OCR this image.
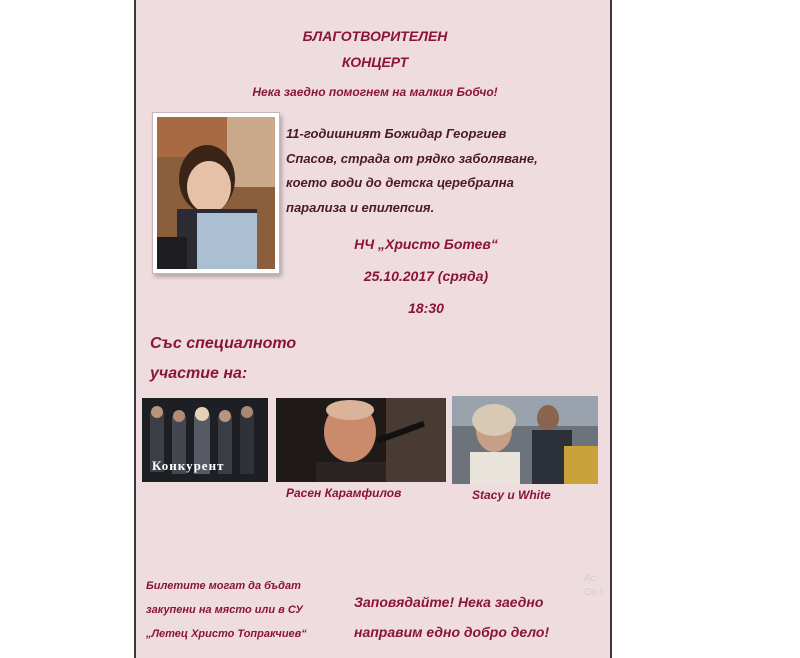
БЛАГОТВОРИТЕЛЕН
КОНЦЕРТ
Нека заедно помогнем на малкия Бобчо!
11-годишният Божидар Георгиев
Спасов, страда от рядко заболяване,
което води до детска церебрална
парализа и епилепсия.
НЧ „Христо Ботев“
25.10.2017 (сряда)
18:30
Със специалното
участие на:
Конкурент
Расен Карамфилов	Stacy и White
Билетите могат да бъдат
закупени на място или в СУ
„Летец Христо Топракчиев“
Заповядайте! Нека заедно
направим едно добро дело!
Ac
Go t
